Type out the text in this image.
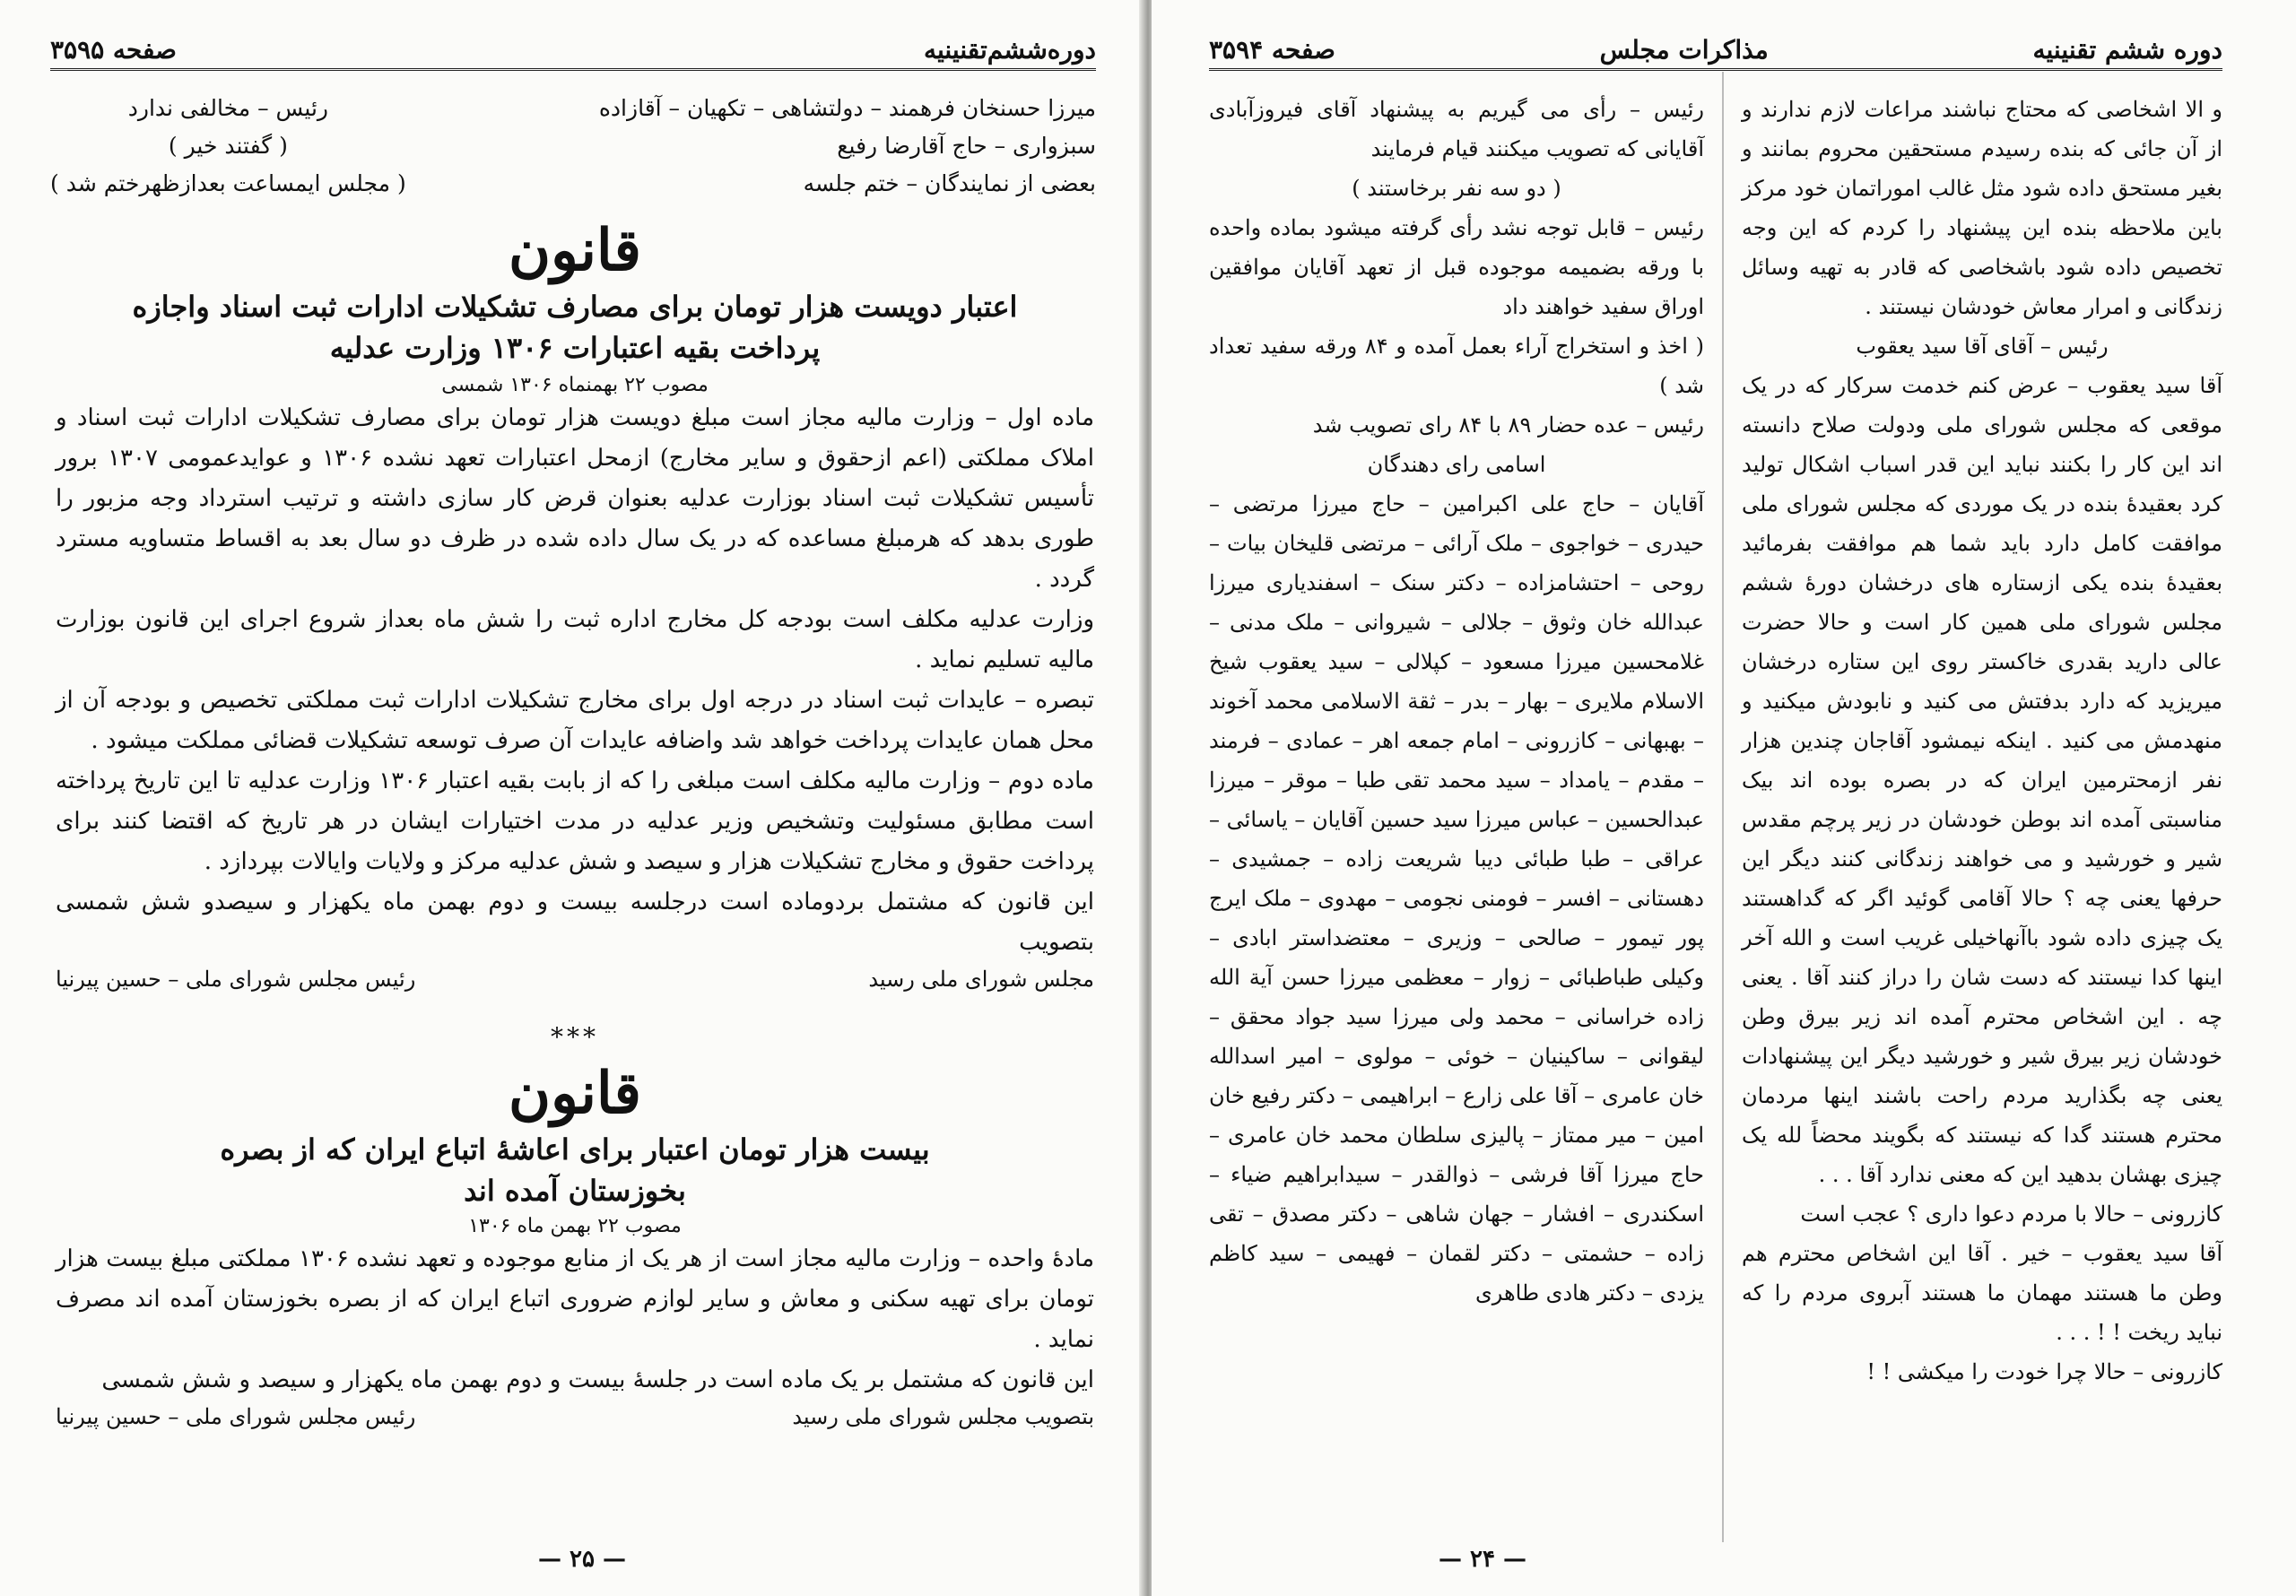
دوره‌ششم‌تقنینیه
صفحه ۳۵۹۵
میرزا حسنخان فرهمند – دولتشاهی – تکهیان – آقازاده
سبزواری – حاج آقارضا رفیع
بعضی از نمایندگان – ختم جلسه
رئیس – مخالفی ندارد
( گفتند خیر )
( مجلس ایمساعت بعدازظهرختم شد )
قانون
اعتبار دویست هزار تومان برای مصارف تشکیلات ادارات ثبت اسناد واجازه
پرداخت بقیه اعتبارات ۱۳۰۶ وزارت عدلیه
مصوب ۲۲ بهمنماه ۱۳۰۶ شمسی

ماده اول – وزارت مالیه مجاز است مبلغ دویست هزار تومان برای مصارف تشکیلات ادارات ثبت اسناد و املاک مملکتی (اعم ازحقوق و سایر مخارج) ازمحل اعتبارات تعهد نشده ۱۳۰۶ و عوایدعمومی ۱۳۰۷ برور تأسیس تشکیلات ثبت اسناد بوزارت عدلیه بعنوان قرض کار سازی داشته و ترتیب استرداد وجه مزبور را طوری بدهد که هرمبلغ مساعده که در یک سال داده شده در ظرف دو سال بعد به اقساط متساویه مسترد گردد .

وزارت عدلیه مکلف است بودجه کل مخارج اداره ثبت را شش ماه بعداز شروع اجرای این قانون بوزارت مالیه تسلیم نماید .

تبصره – عایدات ثبت اسناد در درجه اول برای مخارج تشکیلات ادارات ثبت مملکتی تخصیص و بودجه آن از محل همان عایدات پرداخت خواهد شد واضافه عایدات آن صرف توسعه تشکیلات قضائی مملکت میشود .

ماده دوم – وزارت مالیه مکلف است مبلغی را که از بابت بقیه اعتبار ۱۳۰۶ وزارت عدلیه تا این تاریخ پرداخته است مطابق مسئولیت وتشخیص وزیر عدلیه در مدت اختیارات ایشان در هر تاریخ که اقتضا کنند برای پرداخت حقوق و مخارج تشکیلات هزار و سیصد و شش عدلیه مرکز و ولایات وایالات بپردازد .

این قانون که مشتمل بردوماده است درجلسه بیست و دوم بهمن ماه یکهزار و سیصدو شش شمسی بتصویب

مجلس شورای ملی رسید
رئیس مجلس شورای ملی – حسین پیرنیا
***
قانون
بیست هزار تومان اعتبار برای اعاشهٔ اتباع ایران که از بصره
بخوزستان آمده اند
مصوب ۲۲ بهمن ماه ۱۳۰۶

مادهٔ واحده – وزارت مالیه مجاز است از هر یک از منابع موجوده و تعهد نشده ۱۳۰۶ مملکتی مبلغ بیست هزار تومان برای تهیه سکنی و معاش و سایر لوازم ضروری اتباع ایران که از بصره بخوزستان آمده اند مصرف نماید .

این قانون که مشتمل بر یک ماده است در جلسهٔ بیست و دوم بهمن ماه یکهزار و سیصد و شش شمسی

بتصویب مجلس شورای ملی رسید
رئیس مجلس شورای ملی – حسین پیرنیا
— ۲۵ —
دوره ششم تقنینیه
مذاکرات مجلس
صفحه ۳۵۹۴

و الا اشخاصی که محتاج نباشند مراعات لازم ندارند و از آن جائی که بنده رسیدم مستحقین محروم بمانند و بغیر مستحق داده شود مثل غالب اموراتمان خود مرکز باین ملاحظه بنده این پیشنهاد را کردم که این وجه تخصیص داده شود باشخاصی که قادر به تهیه وسائل زندگانی و امرار معاش خودشان نیستند .

رئیس – آقای آقا سید یعقوب

آقا سید یعقوب – عرض کنم خدمت سرکار که در یک موقعی که مجلس شورای ملی ودولت صلاح دانسته اند این کار را بکنند نباید این قدر اسباب اشکال تولید کرد بعقیدهٔ بنده در یک موردی که مجلس شورای ملی موافقت کامل دارد باید شما هم موافقت بفرمائید بعقیدهٔ بنده یکی ازستاره های درخشان دورهٔ ششم مجلس شورای ملی همین کار است و حالا حضرت عالی دارید بقدری خاکستر روی این ستاره درخشان میریزید که دارد بدفتش می کنید و نابودش میکنید و منهدمش می کنید . اینکه نیمشود آقاجان چندین هزار نفر ازمحترمین ایران که در بصره بوده اند بیک مناسبتی آمده اند بوطن خودشان در زیر پرچم مقدس شیر و خورشید و می خواهند زندگانی کنند دیگر این حرفها یعنی چه ؟ حالا آقامی گوئید اگر که گداهستند یک چیزی داده شود باآنهاخیلی غریب است و الله آخر اینها کدا نیستند که دست شان را دراز کنند آقا . یعنی چه . این اشخاص محترم آمده اند زیر بیرق وطن خودشان زیر بیرق شیر و خورشید دیگر این پیشنهادات یعنی چه بگذارید مردم راحت باشند اینها مردمان محترم هستند گدا که نیستند که بگویند محضاً لله یک چیزی بهشان بدهید این که معنی ندارد آقا . . .

کازرونی – حالا با مردم دعوا داری ؟ عجب است

آقا سید یعقوب – خیر . آقا این اشخاص محترم هم وطن ما هستند مهمان ما هستند آبروی مردم را که نباید ریخت ! ! . . .

کازرونی – حالا چرا خودت را میکشی ! !

رئیس – رأی می گیریم به پیشنهاد آقای فیروزآبادی آقایانی که تصویب میکنند قیام فرمایند

( دو سه نفر برخاستند )

رئیس – قابل توجه نشد رأی گرفته میشود بماده واحده با ورقه بضمیمه موجوده قبل از تعهد آقایان موافقین اوراق سفید خواهند داد

( اخذ و استخراج آراء بعمل آمده و ۸۴ ورقه سفید تعداد شد )

رئیس – عده حضار ۸۹ با ۸۴ رای تصویب شد

اسامی رای دهندگان

آقایان – حاج علی اکبرامین – حاج میرزا مرتضی – حیدری – خواجوی – ملک آرائی – مرتضی قلیخان بیات – روحی – احتشامزاده – دکتر سنک – اسفندیاری میرزا عبدالله خان وثوق – جلالی – شیروانی – ملک مدنی – غلامحسین میرزا مسعود – کپلالی – سید یعقوب شیخ الاسلام ملایری – بهار – بدر – ثقة الاسلامی محمد آخوند – بهبهانی – کازرونی – امام جمعه اهر – عمادی – فرمند – مقدم – یامداد – سید محمد تقی طبا – موقر – میرزا عبدالحسین – عباس میرزا سید حسین آقایان – یاسائی – عراقی – طبا طبائی دیبا شریعت زاده – جمشیدی – دهستانی – افسر – فومنی نجومی – مهدوی – ملک ایرج پور تیمور – صالحی – وزیری – معتضداستر ابادی – وکیلی طباطبائی – زوار – معظمی میرزا حسن آیة الله زاده خراسانی – محمد ولی میرزا سید جواد محقق – لیقوانی – ساکینیان – خوئی – مولوی – امیر اسدالله خان عامری – آقا علی زارع – ابراهیمی – دکتر رفیع خان امین – میر ممتاز – پالیزی سلطان محمد خان عامری – حاج میرزا آقا فرشی – ذوالقدر – سیدابراهیم ضیاء – اسکندری – افشار – جهان شاهی – دکتر مصدق – تقی زاده – حشمتی – دکتر لقمان – فهیمی – سید کاظم یزدی – دکتر هادی طاهری

— ۲۴ —
